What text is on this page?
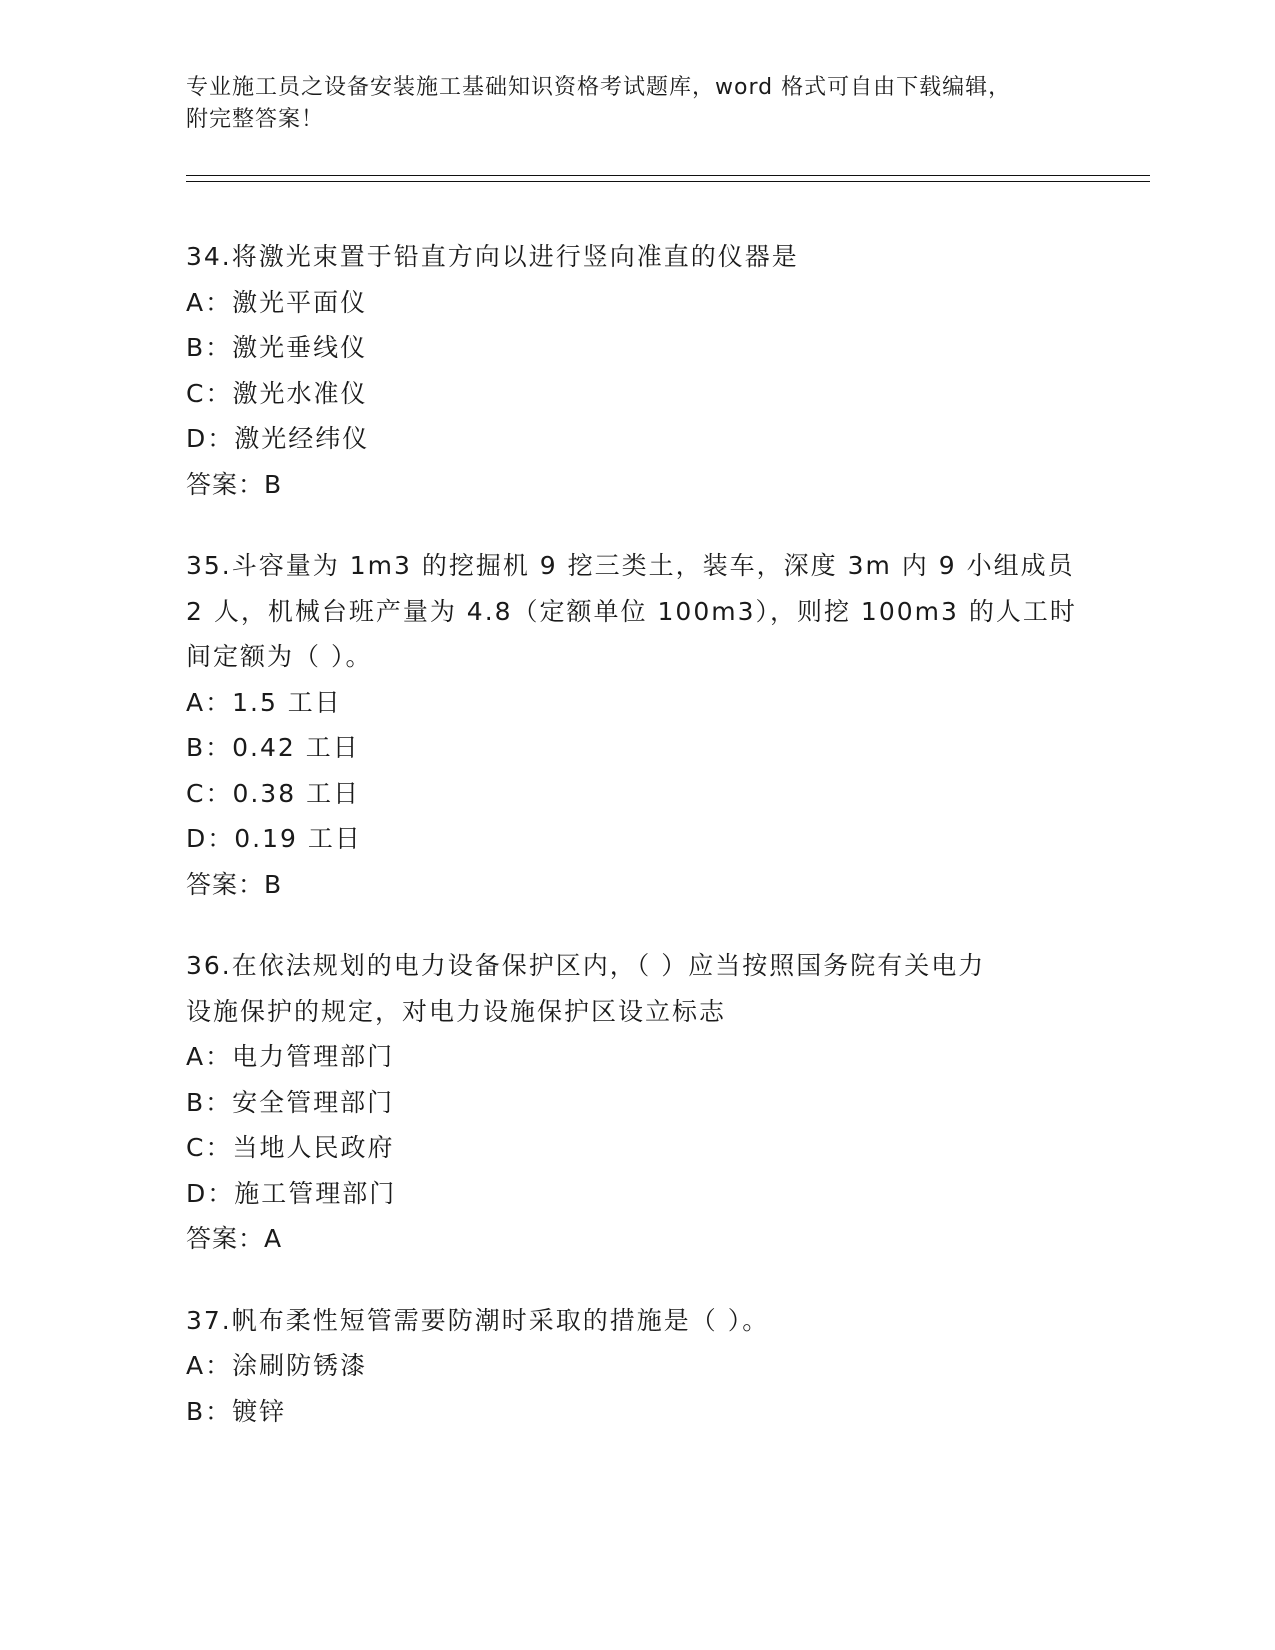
专业施工员之设备安装施工基础知识资格考试题库，word 格式可自由下载编辑，
附完整答案！
34.将激光束置于铅直方向以进行竖向准直的仪器是
A：激光平面仪
B：激光垂线仪
C：激光水准仪
D：激光经纬仪
答案：B
35.斗容量为 1m3 的挖掘机 9 挖三类土，装车，深度 3m 内 9 小组成员
2 人，机械台班产量为 4.8（定额单位 100m3），则挖 100m3 的人工时
间定额为（ ）。
A：1.5 工日
B：0.42 工日
C：0.38 工日
D：0.19 工日
答案：B
36.在依法规划的电力设备保护区内，（ ）应当按照国务院有关电力
设施保护的规定，对电力设施保护区设立标志
A：电力管理部门
B：安全管理部门
C：当地人民政府
D：施工管理部门
答案：A
37.帆布柔性短管需要防潮时采取的措施是（ ）。
A：涂刷防锈漆
B：镀锌
